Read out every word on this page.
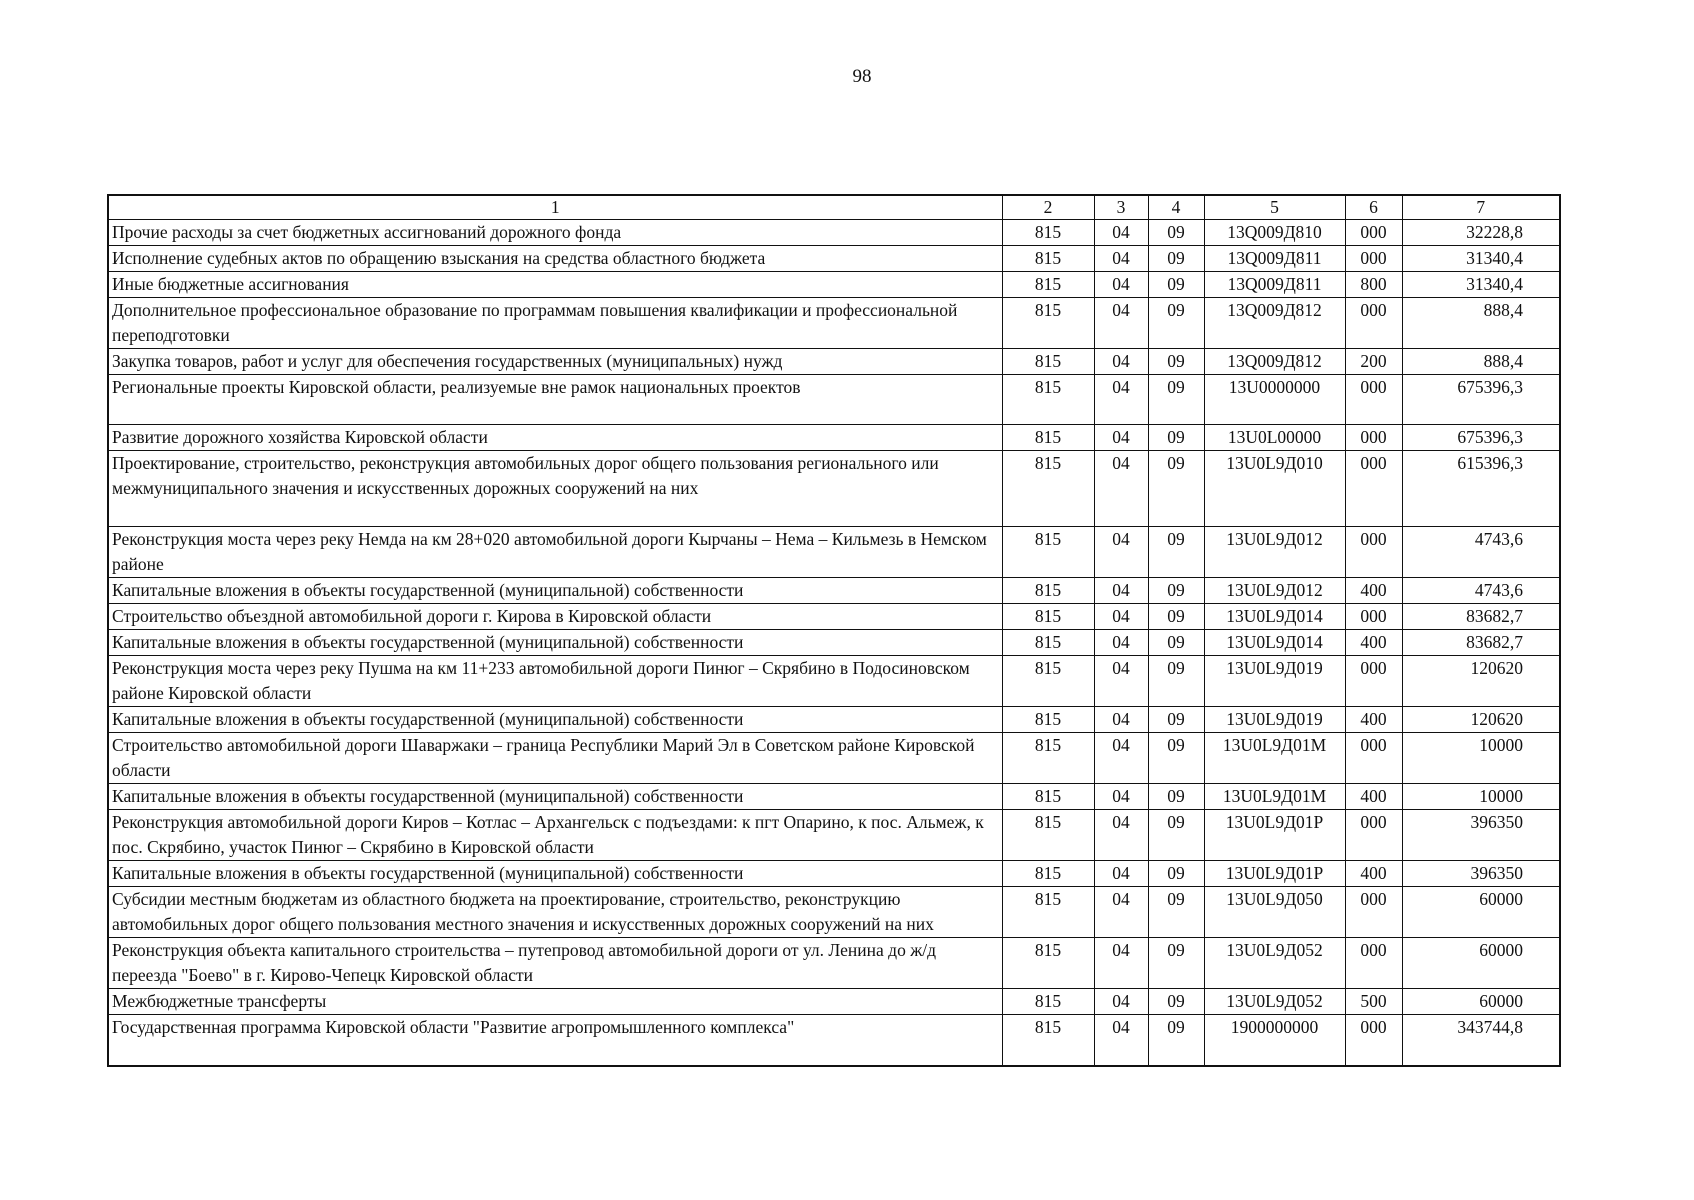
98
1	2	3	4	5	6	7
Прочие расходы за счет бюджетных ассигнований дорожного фонда	815	04	09	13Q009Д810	000	32228,8
Исполнение судебных актов по обращению взыскания на средства областного бюджета	815	04	09	13Q009Д811	000	31340,4
Иные бюджетные ассигнования	815	04	09	13Q009Д811	800	31340,4
Дополнительное профессиональное образование по программам повышения квалификации и профессиональной переподготовки	815	04	09	13Q009Д812	000	888,4
Закупка товаров, работ и услуг для обеспечения государственных (муниципальных) нужд	815	04	09	13Q009Д812	200	888,4
Региональные проекты Кировской области, реализуемые вне рамок национальных проектов	815	04	09	13U0000000	000	675396,3
Развитие дорожного хозяйства Кировской области	815	04	09	13U0L00000	000	675396,3
Проектирование, строительство, реконструкция автомобильных дорог общего пользования регионального или межмуниципального значения и искусственных дорожных сооружений на них	815	04	09	13U0L9Д010	000	615396,3
Реконструкция моста через реку Немда на км 28+020 автомобильной дороги Кырчаны – Нема – Кильмезь в Немском районе	815	04	09	13U0L9Д012	000	4743,6
Капитальные вложения в объекты государственной (муниципальной) собственности	815	04	09	13U0L9Д012	400	4743,6
Строительство объездной автомобильной дороги г. Кирова в Кировской области	815	04	09	13U0L9Д014	000	83682,7
Капитальные вложения в объекты государственной (муниципальной) собственности	815	04	09	13U0L9Д014	400	83682,7
Реконструкция моста через реку Пушма на км 11+233 автомобильной дороги Пинюг – Скрябино в Подосиновском районе Кировской области	815	04	09	13U0L9Д019	000	120620
Капитальные вложения в объекты государственной (муниципальной) собственности	815	04	09	13U0L9Д019	400	120620
Строительство автомобильной дороги Шаваржаки – граница Республики Марий Эл в Советском районе Кировской области	815	04	09	13U0L9Д01М	000	10000
Капитальные вложения в объекты государственной (муниципальной) собственности	815	04	09	13U0L9Д01М	400	10000
Реконструкция автомобильной дороги Киров – Котлас – Архангельск с подъездами: к пгт Опарино, к пос. Альмеж, к пос. Скрябино, участок Пинюг – Скрябино в Кировской области	815	04	09	13U0L9Д01Р	000	396350
Капитальные вложения в объекты государственной (муниципальной) собственности	815	04	09	13U0L9Д01Р	400	396350
Субсидии местным бюджетам из областного бюджета на проектирование, строительство, реконструкцию автомобильных дорог общего пользования местного значения и искусственных дорожных сооружений на них	815	04	09	13U0L9Д050	000	60000
Реконструкция объекта капитального строительства – путепровод автомобильной дороги от ул. Ленина до ж/д переезда "Боево" в г. Кирово-Чепецк Кировской области	815	04	09	13U0L9Д052	000	60000
Межбюджетные трансферты	815	04	09	13U0L9Д052	500	60000
Государственная программа Кировской области "Развитие агропромышленного комплекса"	815	04	09	1900000000	000	343744,8
